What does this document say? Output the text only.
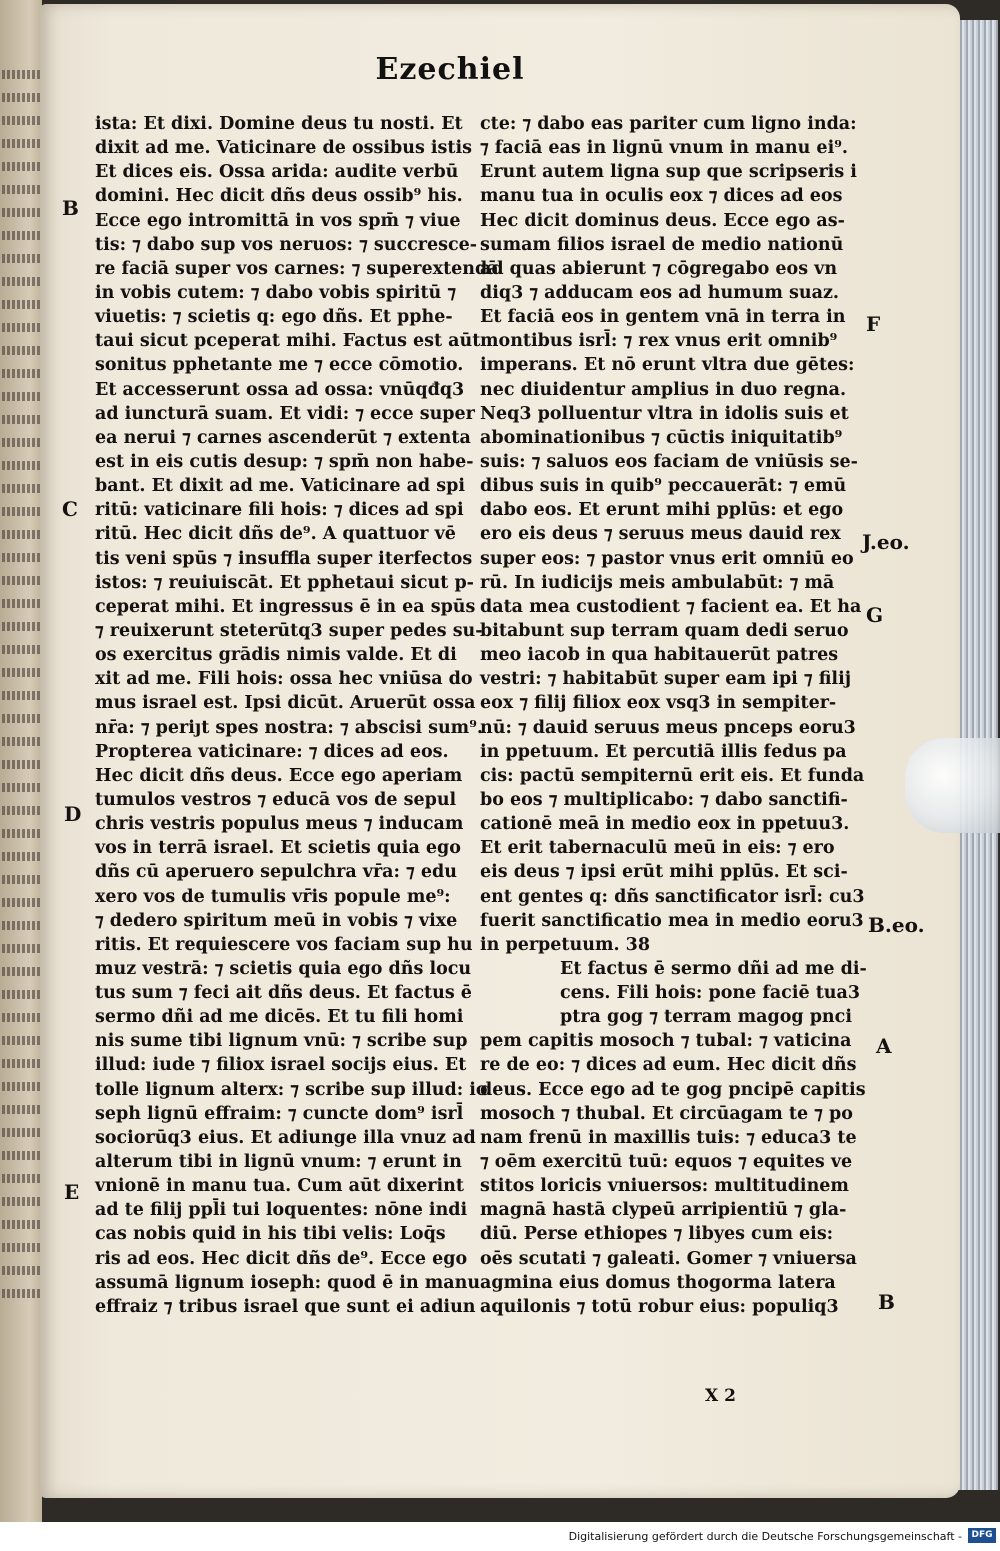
Ezechiel
ista: Et dixi. Domine deus tu nosti. Et
dixit ad me. Vaticinare de ossibus istis
Et dices eis. Ossa arida: audite verbū
domini. Hec dicit dñs deus ossib⁹ his.
Ecce ego intromittā in vos spm̄ ⁊ viue
tis: ⁊ dabo sup vos neruos: ⁊ succresce-
re faciā super vos carnes: ⁊ superextendā
in vobis cutem: ⁊ dabo vobis spiritū ⁊
viuetis: ⁊ scietis q: ego dñs. Et pphe-
taui sicut pceperat mihi. Factus est aūt
sonitus pphetante me ⁊ ecce cōmotio.
Et accesserunt ossa ad ossa: vnūqđq3
ad iuncturā suam. Et vidi: ⁊ ecce super
ea nerui ⁊ carnes ascenderūt ⁊ extenta
est in eis cutis desup: ⁊ spm̄ non habe-
bant. Et dixit ad me. Vaticinare ad spi
ritū: vaticinare fili hois: ⁊ dices ad spi
ritū. Hec dicit dñs de⁹. A quattuor vē
tis veni spūs ⁊ insuffla super iterfectos
istos: ⁊ reuiuiscāt. Et pphetaui sicut p-
ceperat mihi. Et ingressus ē in ea spūs
⁊ reuixerunt steterūtq3 super pedes su-
os exercitus grādis nimis valde. Et di
xit ad me. Fili hois: ossa hec vniūsa do
mus israel est. Ipsi dicūt. Aruerūt ossa
nr̄a: ⁊ periȷt spes nostra: ⁊ abscisi sum⁹.
Propterea vaticinare: ⁊ dices ad eos.
Hec dicit dñs deus. Ecce ego aperiam
tumulos vestros ⁊ educā vos de sepul
chris vestris populus meus ⁊ inducam
vos in terrā israel. Et scietis quia ego
dñs cū aperuero sepulchra vr̄a: ⁊ edu
xero vos de tumulis vr̄is popule me⁹:
⁊ dedero spiritum meū in vobis ⁊ vixe
ritis. Et requiescere vos faciam sup hu
muz vestrā: ⁊ scietis quia ego dñs locu
tus sum ⁊ feci ait dñs deus. Et factus ē
sermo dñi ad me dicēs. Et tu fili homi
nis sume tibi lignum vnū: ⁊ scribe sup
illud: iude ⁊ filiox israel socijs eius. Et
tolle lignum alterx: ⁊ scribe sup illud: io
seph lignū effraim: ⁊ cuncte dom⁹ isrl̄
sociorūq3 eius. Et adiunge illa vnuz ad
alterum tibi in lignū vnum: ⁊ erunt in
vnionē in manu tua. Cum aūt dixerint
ad te filij ppl̄i tui loquentes: nōne indi
cas nobis quid in his tibi velis: Loq̄s
ris ad eos. Hec dicit dñs de⁹. Ecce ego
assumā lignum ioseph: quod ē in manu
effraiz ⁊ tribus israel que sunt ei adiun
cte: ⁊ dabo eas pariter cum ligno inda:
⁊ faciā eas in lignū vnum in manu ei⁹.
Erunt autem ligna sup que scripseris i
manu tua in oculis eox ⁊ dices ad eos
Hec dicit dominus deus. Ecce ego as-
sumam filios israel de medio nationū
ad quas abierunt ⁊ cōgregabo eos vn
diq3 ⁊ adducam eos ad humum suaz.
Et faciā eos in gentem vnā in terra in
montibus isrl̄: ⁊ rex vnus erit omnib⁹
imperans. Et nō erunt vltra due gētes:
nec diuidentur amplius in duo regna.
Neq3 polluentur vltra in idolis suis et
abominationibus ⁊ cūctis iniquitatib⁹
suis: ⁊ saluos eos faciam de vniūsis se-
dibus suis in quib⁹ peccauerāt: ⁊ emū
dabo eos. Et erunt mihi pplūs: et ego
ero eis deus ⁊ seruus meus dauid rex
super eos: ⁊ pastor vnus erit omniū eo
rū. In iudicijs meis ambulabūt: ⁊ mā
data mea custodient ⁊ facient ea. Et ha
bitabunt sup terram quam dedi seruo
meo iacob in qua habitauerūt patres
vestri: ⁊ habitabūt super eam ipi ⁊ filij
eox ⁊ filij filiox eox vsq3 in sempiter-
nū: ⁊ dauid seruus meus pnceps eoru3
in ppetuum. Et percutiā illis fedus pa
cis: pactū sempiternū erit eis. Et funda
bo eos ⁊ multiplicabo: ⁊ dabo sanctifi-
cationē meā in medio eox in ppetuu3.
Et erit tabernaculū meū in eis: ⁊ ero
eis deus ⁊ ipsi erūt mihi pplūs. Et sci-
ent gentes q: dñs sanctificator isrl̄: cu3
fuerit sanctificatio mea in medio eoru3
in perpetuum. 38
Et factus ē sermo dñi ad me di-
cens. Fili hois: pone faciē tua3
ptra gog ⁊ terram magog pnci
pem capitis mosoch ⁊ tubal: ⁊ vaticina
re de eo: ⁊ dices ad eum. Hec dicit dñs
deus. Ecce ego ad te gog pncipē capitis
mosoch ⁊ thubal. Et circūagam te ⁊ po
nam frenū in maxillis tuis: ⁊ educa3 te
⁊ oēm exercitū tuū: equos ⁊ equites ve
stitos loricis vniuersos: multitudinem
magnā hastā clypeū arripientiū ⁊ gla-
diū. Perse ethiopes ⁊ libyes cum eis:
oēs scutati ⁊ galeati. Gomer ⁊ vniuersa
agmina eius domus thogorma latera
aquilonis ⁊ totū robur eius: populiq3
B
C
D
E
F
J.eo.
G
B.eo.
A
B
X 2
Digitalisierung gefördert durch die Deutsche Forschungsgemeinschaft -	DFG
